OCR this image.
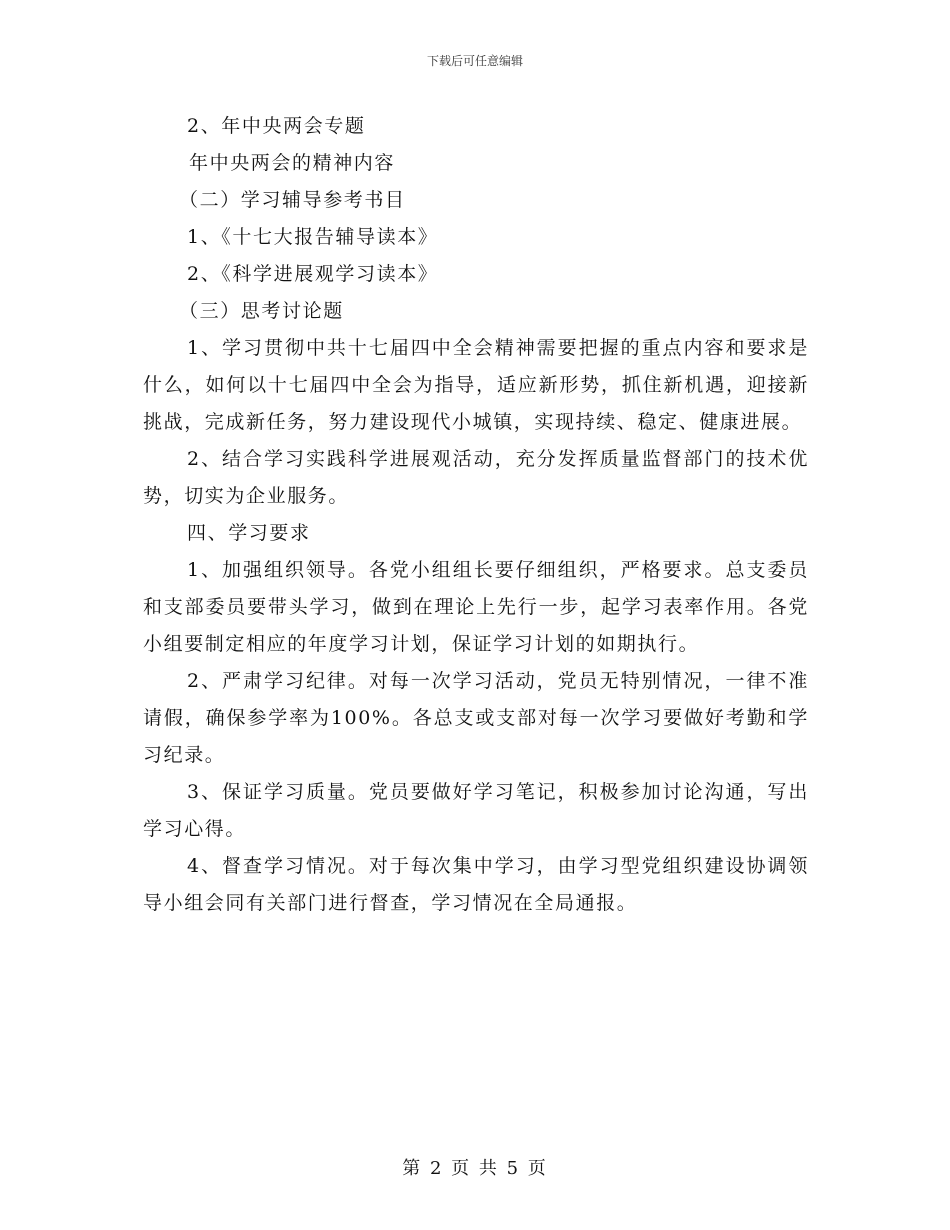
下载后可任意编辑

2、年中央两会专题

年中央两会的精神内容

（二）学习辅导参考书目

1、《十七大报告辅导读本》

2、《科学进展观学习读本》

（三）思考讨论题

1、学习贯彻中共十七届四中全会精神需要把握的重点内容和要求是什么，如何以十七届四中全会为指导，适应新形势，抓住新机遇，迎接新挑战，完成新任务，努力建设现代小城镇，实现持续、稳定、健康进展。

2、结合学习实践科学进展观活动，充分发挥质量监督部门的技术优势，切实为企业服务。

四、学习要求

1、加强组织领导。各党小组组长要仔细组织，严格要求。总支委员和支部委员要带头学习，做到在理论上先行一步，起学习表率作用。各党小组要制定相应的年度学习计划，保证学习计划的如期执行。

2、严肃学习纪律。对每一次学习活动，党员无特别情况，一律不准请假，确保参学率为100%。各总支或支部对每一次学习要做好考勤和学习纪录。

3、保证学习质量。党员要做好学习笔记，积极参加讨论沟通，写出学习心得。

4、督查学习情况。对于每次集中学习，由学习型党组织建设协调领导小组会同有关部门进行督查，学习情况在全局通报。

第 2 页 共 5 页
